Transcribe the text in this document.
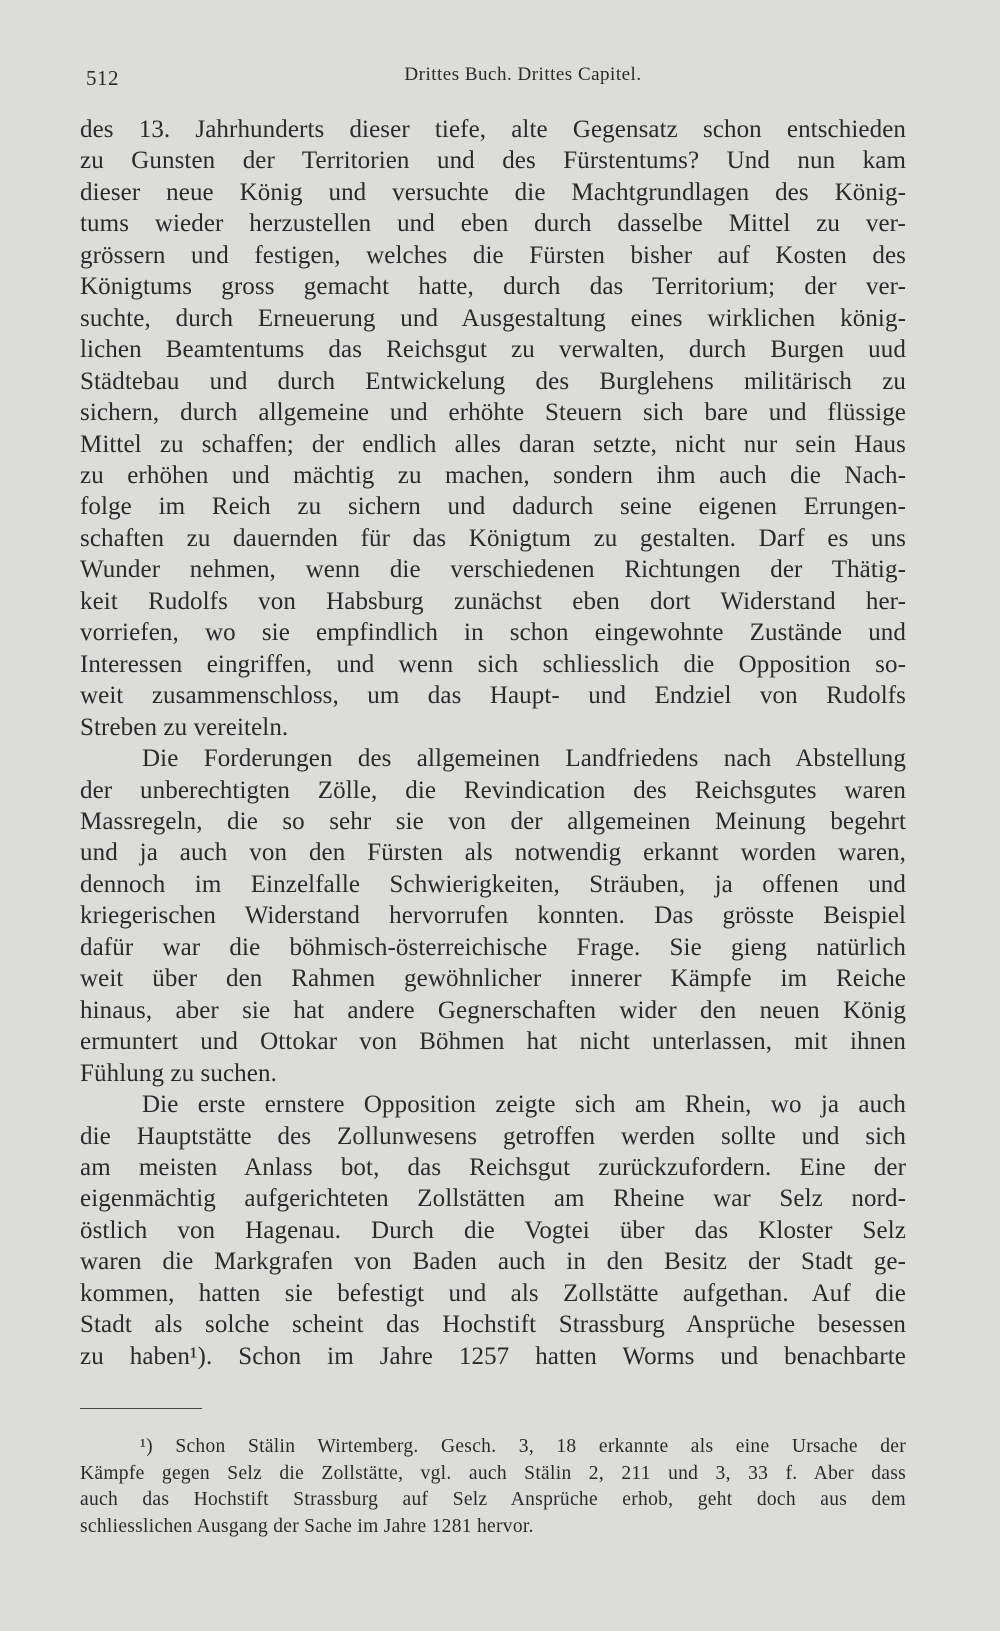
512	Drittes Buch. Drittes Capitel.
des 13. Jahrhunderts dieser tiefe, alte Gegensatz schon entschieden
zu Gunsten der Territorien und des Fürstentums? Und nun kam
dieser neue König und versuchte die Machtgrundlagen des König-
tums wieder herzustellen und eben durch dasselbe Mittel zu ver-
grössern und festigen, welches die Fürsten bisher auf Kosten des
Königtums gross gemacht hatte, durch das Territorium; der ver-
suchte, durch Erneuerung und Ausgestaltung eines wirklichen könig-
lichen Beamtentums das Reichsgut zu verwalten, durch Burgen uud
Städtebau und durch Entwickelung des Burglehens militärisch zu
sichern, durch allgemeine und erhöhte Steuern sich bare und flüssige
Mittel zu schaffen; der endlich alles daran setzte, nicht nur sein Haus
zu erhöhen und mächtig zu machen, sondern ihm auch die Nach-
folge im Reich zu sichern und dadurch seine eigenen Errungen-
schaften zu dauernden für das Königtum zu gestalten. Darf es uns
Wunder nehmen, wenn die verschiedenen Richtungen der Thätig-
keit Rudolfs von Habsburg zunächst eben dort Widerstand her-
vorriefen, wo sie empfindlich in schon eingewohnte Zustände und
Interessen eingriffen, und wenn sich schliesslich die Opposition so-
weit zusammenschloss, um das Haupt- und Endziel von Rudolfs
Streben zu vereiteln.
Die Forderungen des allgemeinen Landfriedens nach Abstellung
der unberechtigten Zölle, die Revindication des Reichsgutes waren
Massregeln, die so sehr sie von der allgemeinen Meinung begehrt
und ja auch von den Fürsten als notwendig erkannt worden waren,
dennoch im Einzelfalle Schwierigkeiten, Sträuben, ja offenen und
kriegerischen Widerstand hervorrufen konnten. Das grösste Beispiel
dafür war die böhmisch-österreichische Frage. Sie gieng natürlich
weit über den Rahmen gewöhnlicher innerer Kämpfe im Reiche
hinaus, aber sie hat andere Gegnerschaften wider den neuen König
ermuntert und Ottokar von Böhmen hat nicht unterlassen, mit ihnen
Fühlung zu suchen.
Die erste ernstere Opposition zeigte sich am Rhein, wo ja auch
die Hauptstätte des Zollunwesens getroffen werden sollte und sich
am meisten Anlass bot, das Reichsgut zurückzufordern. Eine der
eigenmächtig aufgerichteten Zollstätten am Rheine war Selz nord-
östlich von Hagenau. Durch die Vogtei über das Kloster Selz
waren die Markgrafen von Baden auch in den Besitz der Stadt ge-
kommen, hatten sie befestigt und als Zollstätte aufgethan. Auf die
Stadt als solche scheint das Hochstift Strassburg Ansprüche besessen
zu haben¹). Schon im Jahre 1257 hatten Worms und benachbarte
¹) Schon Stälin Wirtemberg. Gesch. 3, 18 erkannte als eine Ursache der
Kämpfe gegen Selz die Zollstätte, vgl. auch Stälin 2, 211 und 3, 33 f. Aber dass
auch das Hochstift Strassburg auf Selz Ansprüche erhob, geht doch aus dem
schliesslichen Ausgang der Sache im Jahre 1281 hervor.
